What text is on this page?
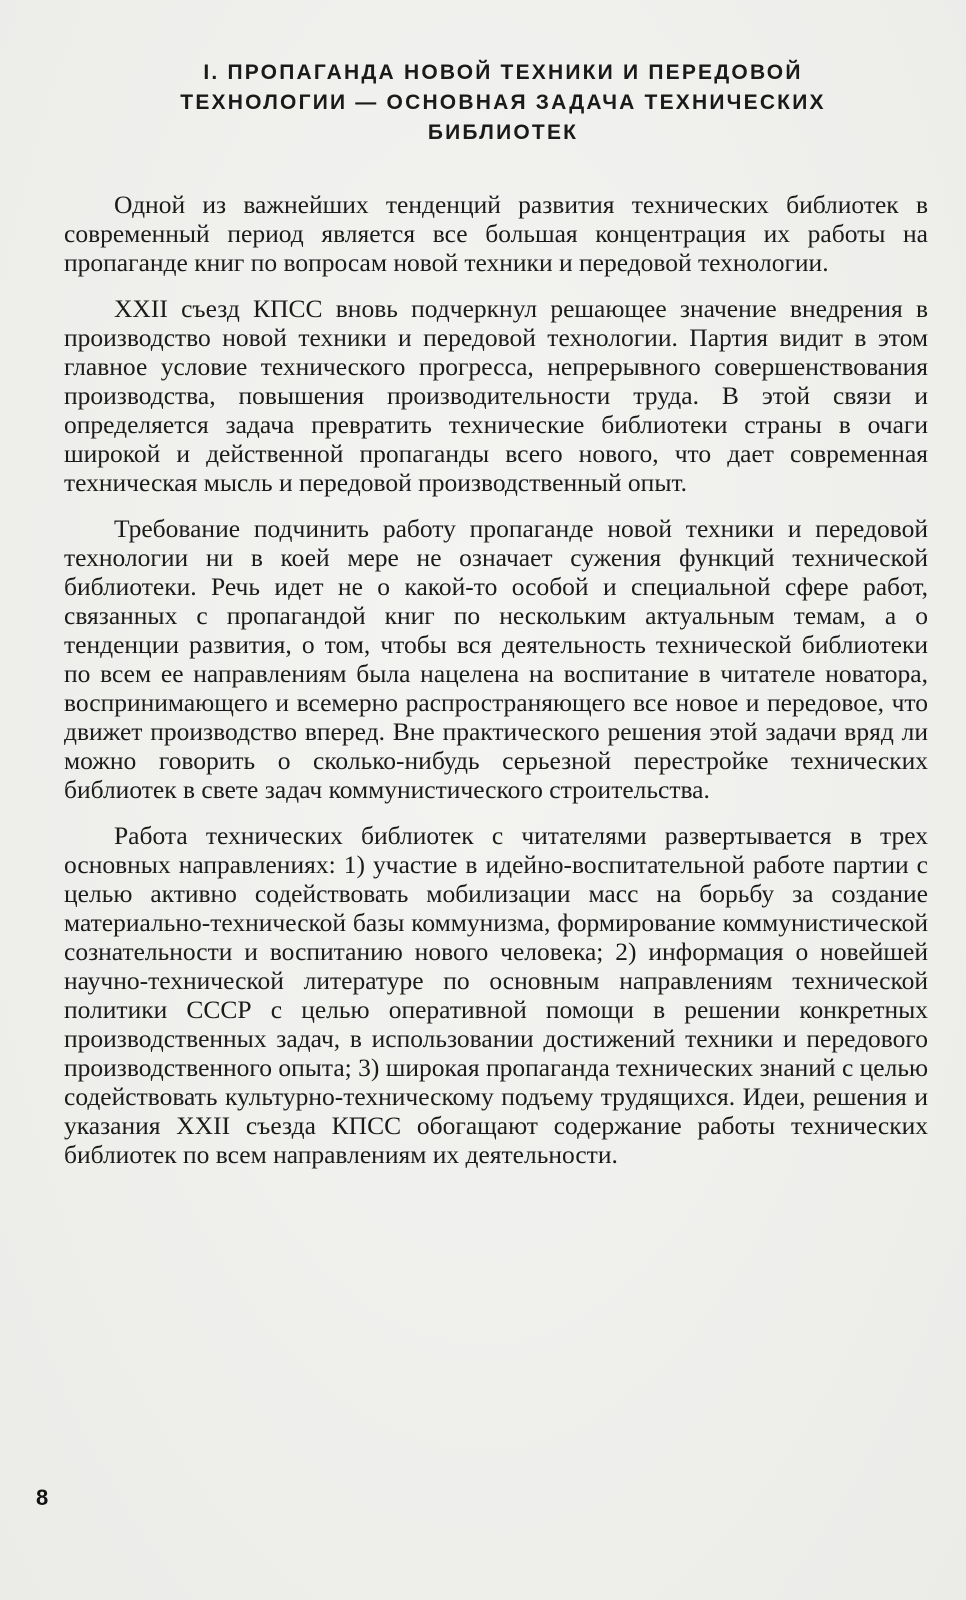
I. ПРОПАГАНДА НОВОЙ ТЕХНИКИ И ПЕРЕДОВОЙ
ТЕХНОЛОГИИ — ОСНОВНАЯ ЗАДАЧА ТЕХНИЧЕСКИХ
БИБЛИОТЕК

Одной из важнейших тенденций развития технических библиотек в современный период является все большая концентрация их работы на пропаганде книг по вопросам новой техники и передовой технологии.

XXII съезд КПСС вновь подчеркнул решающее значение внедрения в производство новой техники и передовой технологии. Партия видит в этом главное условие технического прогресса, непрерывного совершенствования производства, повышения производительности труда. В этой связи и определяется задача превратить технические библиотеки страны в очаги широкой и действенной пропаганды всего нового, что дает современная техническая мысль и передовой производственный опыт.

Требование подчинить работу пропаганде новой техники и передовой технологии ни в коей мере не означает сужения функций технической библиотеки. Речь идет не о какой-то особой и специальной сфере работ, связанных с пропагандой книг по нескольким актуальным темам, а о тенденции развития, о том, чтобы вся деятельность технической библиотеки по всем ее направлениям была нацелена на воспитание в читателе новатора, воспринимающего и всемерно распространяющего все новое и передовое, что движет производство вперед. Вне практического решения этой задачи вряд ли можно говорить о сколько-нибудь серьезной перестройке технических библиотек в свете задач коммунистического строительства.

Работа технических библиотек с читателями развертывается в трех основных направлениях: 1) участие в идейно-воспитательной работе партии с целью активно содействовать мобилизации масс на борьбу за создание материально-технической базы коммунизма, формирование коммунистической сознательности и воспитанию нового человека; 2) информация о новейшей научно-технической литературе по основным направлениям технической политики СССР с целью оперативной помощи в решении конкретных производственных задач, в использовании достижений техники и передового производственного опыта; 3) широкая пропаганда технических знаний с целью содействовать культурно-техническому подъему трудящихся. Идеи, решения и указания XXII съезда КПСС обогащают содержание работы технических библиотек по всем направлениям их деятельности.

8
